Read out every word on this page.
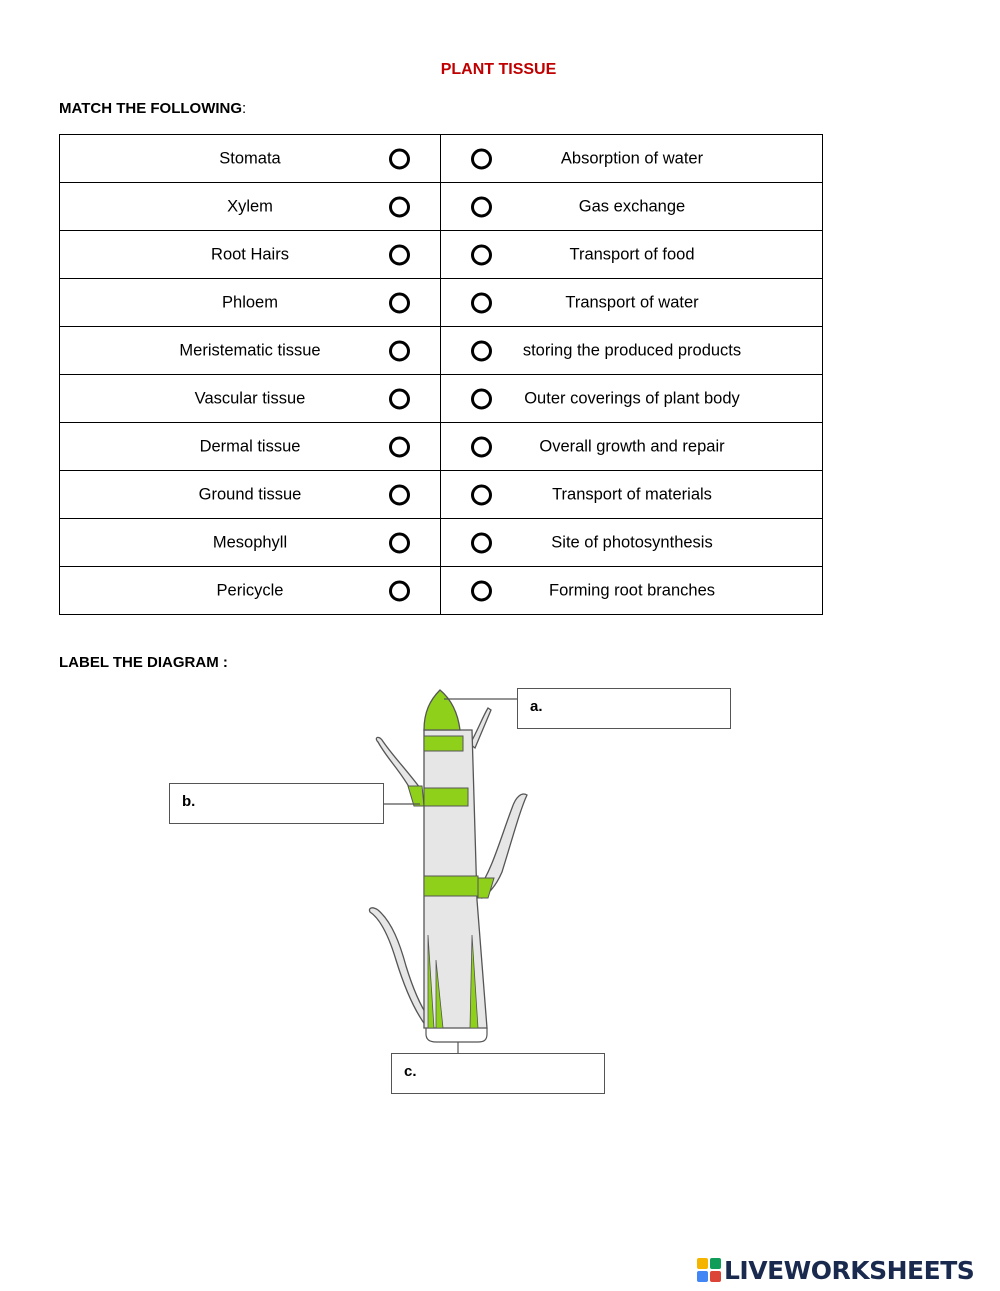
PLANT TISSUE
MATCH THE FOLLOWING:
Stomata	Absorption of water

Xylem	Gas exchange

Root Hairs	Transport of food

Phloem	Transport of water

Meristematic tissue	storing the produced products

Vascular tissue	Outer coverings of plant body

Dermal tissue	Overall growth and repair

Ground tissue	Transport of materials

Mesophyll	Site of photosynthesis

Pericycle	Forming root branches
LABEL THE DIAGRAM :
a.
b.
c.
LIVEWORKSHEETS
